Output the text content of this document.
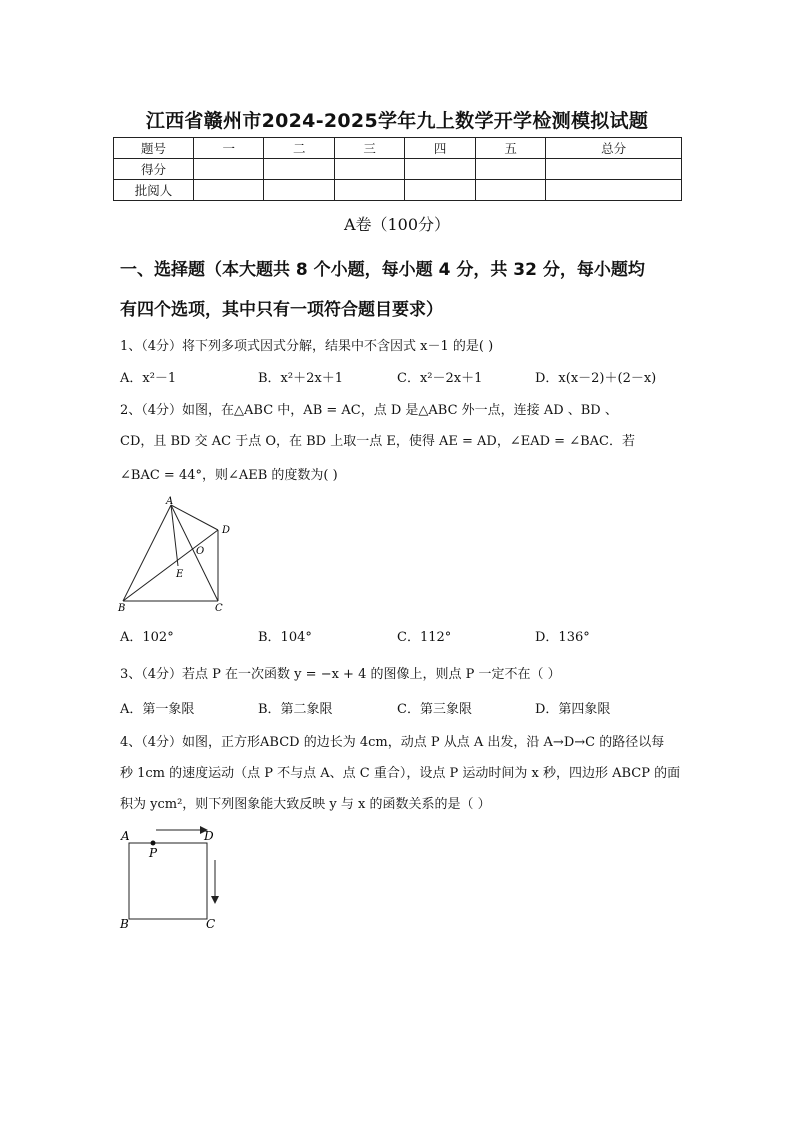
江西省赣州市2024-2025学年九上数学开学检测模拟试题
题号	一	二	三	四	五	总分
得分						
批阅人						
A卷（100分）
一、选择题（本大题共 8 个小题，每小题 4 分，共 32 分，每小题均
有四个选项，其中只有一项符合题目要求）
1、（4分）将下列多项式因式分解，结果中不含因式 x－1 的是( )
A．x²－1	B．x²＋2x＋1	C．x²－2x＋1	D．x(x－2)＋(2－x)
2、（4分）如图，在△ABC 中，AB = AC，点 D 是△ABC 外一点，连接 AD 、BD 、
CD，且 BD 交 AC 于点 O，在 BD 上取一点 E，使得 AE = AD，∠EAD = ∠BAC．若
∠BAC = 44°，则∠AEB 的度数为( )
A
B	C
D
E
O
A．102°	B．104°	C．112°	D．136°
3、（4分）若点 P 在一次函数 y = −x + 4 的图像上，则点 P 一定不在（ ）
A．第一象限	B．第二象限	C．第三象限	D．第四象限
4、（4分）如图，正方形ABCD 的边长为 4cm，动点 P 从点 A 出发，沿 A→D→C 的路径以每
秒 1cm 的速度运动（点 P 不与点 A、点 C 重合），设点 P 运动时间为 x 秒，四边形 ABCP 的面
积为 ycm²，则下列图象能大致反映 y 与 x 的函数关系的是（ ）
A	D
P
B	C
